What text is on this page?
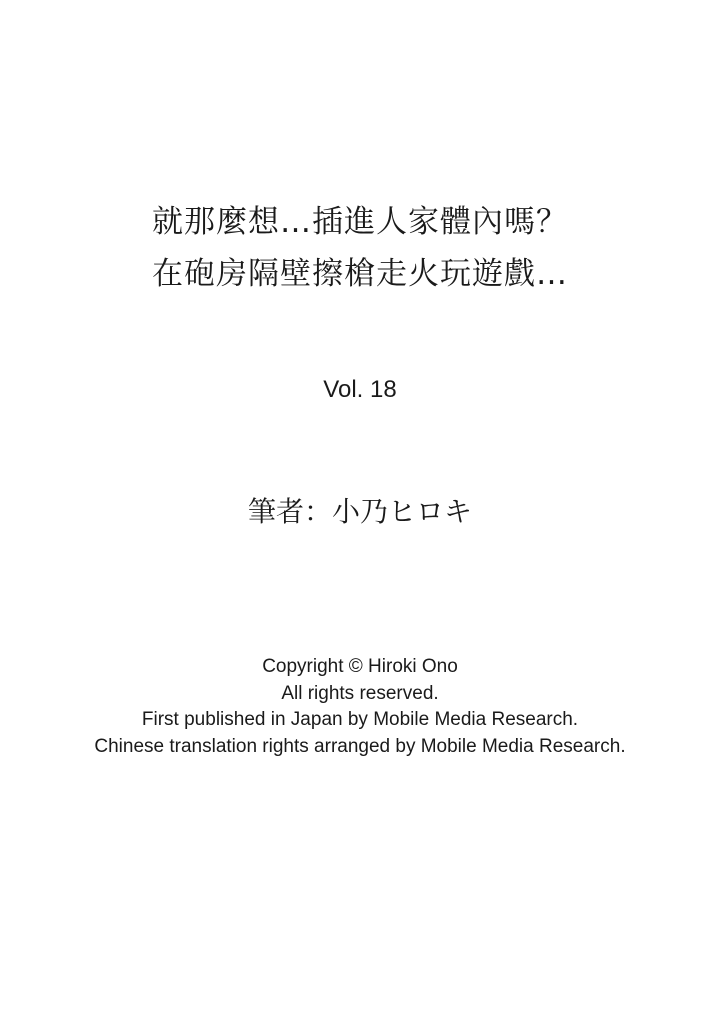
就那麼想…插進人家體內嗎？
在砲房隔壁擦槍走火玩遊戲…
Vol. 18
筆者：小乃ヒロキ
Copyright © Hiroki Ono
All rights reserved.
First published in Japan by Mobile Media Research.
Chinese translation rights arranged by Mobile Media Research.
